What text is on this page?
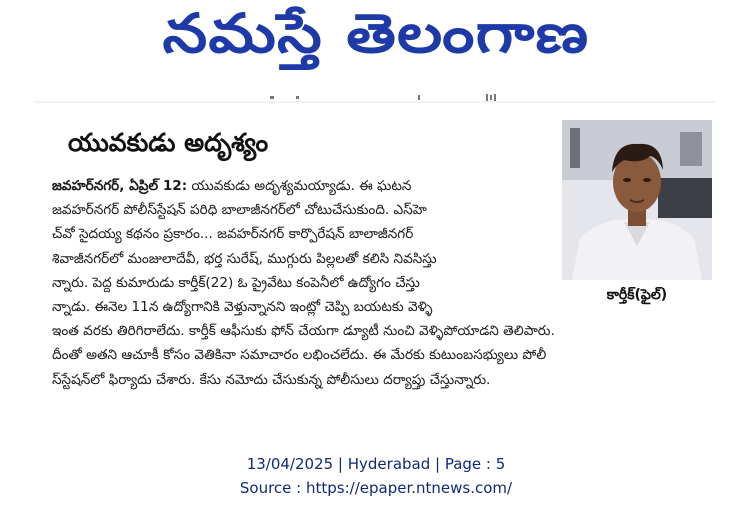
నమస్తే తెలంగాణ
యువకుడు అదృశ్యం
కార్తీక్(ఫైల్)

జవహర్‌నగర్, ఏప్రిల్ 12: యువకుడు అదృశ్యమయ్యాడు. ఈ ఘటన

జవహర్‌నగర్ పోలీస్‌స్టేషన్ పరిధి బాలాజీనగర్‌లో చోటుచేసుకుంది. ఎస్‌హె

చ్‌వో సైదయ్య కథనం ప్రకారం... జవహర్‌నగర్ కార్పొరేషన్ బాలాజీనగర్

శివాజీనగర్‌లో మంజులాదేవీ, భర్త సురేష్, ముగ్గురు పిల్లలతో కలిసి నివసిస్తు

న్నారు. పెద్ద కుమారుడు కార్తీక్(22) ఓ ప్రైవేటు కంపెనీలో ఉద్యోగం చేస్తు

న్నాడు. ఈనెల 11న ఉద్యోగానికి వెళ్తున్నానని ఇంట్లో చెప్పి బయటకు వెళ్ళి

ఇంత వరకు తిరిగిరాలేదు. కార్తీక్ ఆఫీసుకు ఫోన్ చేయగా డ్యూటీ నుంచి వెళ్ళిపోయాడని తెలిపారు.

దీంతో అతని ఆచూకీ కోసం వెతికినా సమాచారం లభించలేదు. ఈ మేరకు కుటుంబసభ్యులు పోలీ

స్‌స్టేషన్‌లో ఫిర్యాదు చేశారు. కేసు నమోదు చేసుకున్న పోలీసులు దర్యాప్తు చేస్తున్నారు.

13/04/2025 | Hyderabad | Page : 5
Source : https://epaper.ntnews.com/
